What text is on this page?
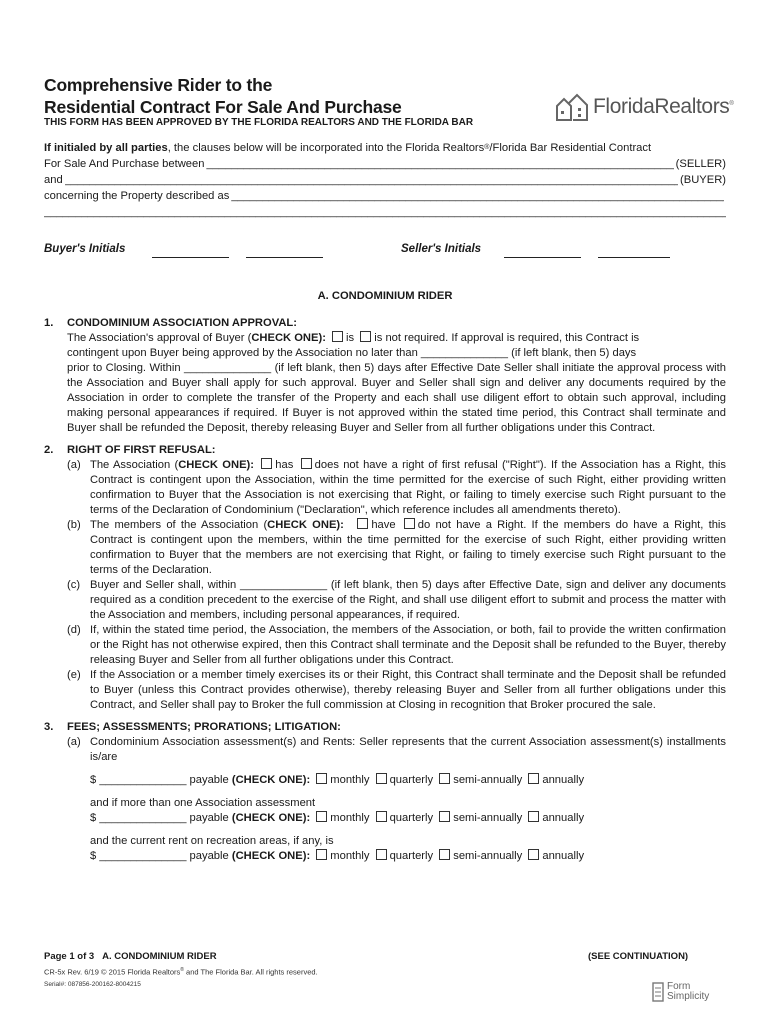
Comprehensive Rider to the
Residential Contract For Sale And Purchase
THIS FORM HAS BEEN APPROVED BY THE FLORIDA REALTORS AND THE FLORIDA BAR
FloridaRealtors®
If initialed by all parties , the clauses below will be incorporated into the Florida Realtors ® /Florida Bar Residential Contract
For Sale And Purchase between _____	(SELLER)
and _____	(BUYER)
concerning the Property described as
_____
_____
Buyer's Initials	Seller's Initials
A. CONDOMINIUM RIDER
1. CONDOMINIUM ASSOCIATION APPROVAL:
The Association's approval of Buyer (CHECK ONE): is is not required. If approval is required, this Contract is
contingent upon Buyer being approved by the Association no later than ______________ (if left blank, then 5) days
prior to Closing. Within ______________ (if left blank, then 5) days after Effective Date Seller shall initiate the approval process with the Association and Buyer shall apply for such approval. Buyer and Seller shall sign and deliver any documents required by the Association in order to complete the transfer of the Property and each shall use diligent effort to obtain such approval, including making personal appearances if required. If Buyer is not approved within the stated time period, this Contract shall terminate and Buyer shall be refunded the Deposit, thereby releasing Buyer and Seller from all further obligations under this Contract.
2. RIGHT OF FIRST REFUSAL:
(a) The Association (CHECK ONE): has does not have a right of first refusal ("Right"). If the Association has a Right, this Contract is contingent upon the Association, within the time permitted for the exercise of such Right, either providing written confirmation to Buyer that the Association is not exercising that Right, or failing to timely exercise such Right pursuant to the terms of the Declaration of Condominium ("Declaration", which reference includes all amendments thereto).
(b) The members of the Association (CHECK ONE): have do not have a Right. If the members do have a Right, this Contract is contingent upon the members, within the time permitted for the exercise of such Right, either providing written confirmation to Buyer that the members are not exercising that Right, or failing to timely exercise such Right pursuant to the terms of the Declaration.
(c) Buyer and Seller shall, within ______________ (if left blank, then 5) days after Effective Date, sign and deliver any documents required as a condition precedent to the exercise of the Right, and shall use diligent effort to submit and process the matter with the Association and members, including personal appearances, if required.
(d) If, within the stated time period, the Association, the members of the Association, or both, fail to provide the written confirmation or the Right has not otherwise expired, then this Contract shall terminate and the Deposit shall be refunded to the Buyer, thereby releasing Buyer and Seller from all further obligations under this Contract.
(e) If the Association or a member timely exercises its or their Right, this Contract shall terminate and the Deposit shall be refunded to Buyer (unless this Contract provides otherwise), thereby releasing Buyer and Seller from all further obligations under this Contract, and Seller shall pay to Broker the full commission at Closing in recognition that Broker procured the sale.
3. FEES; ASSESSMENTS; PRORATIONS; LITIGATION:
(a) Condominium Association assessment(s) and Rents: Seller represents that the current Association assessment(s) installments is/are
$ ______________ payable (CHECK ONE): monthly quarterly semi-annually annually
and if more than one Association assessment
$ ______________ payable (CHECK ONE): monthly quarterly semi-annually annually
and the current rent on recreation areas, if any, is
$ ______________ payable (CHECK ONE): monthly quarterly semi-annually annually
Page 1 of 3 A. CONDOMINIUM RIDER	(SEE CONTINUATION)
CR-5x Rev. 6/19 © 2015 Florida Realtors® and The Florida Bar. All rights reserved.
Serial#: 087856-200162-8004215	Form
Simplicity
